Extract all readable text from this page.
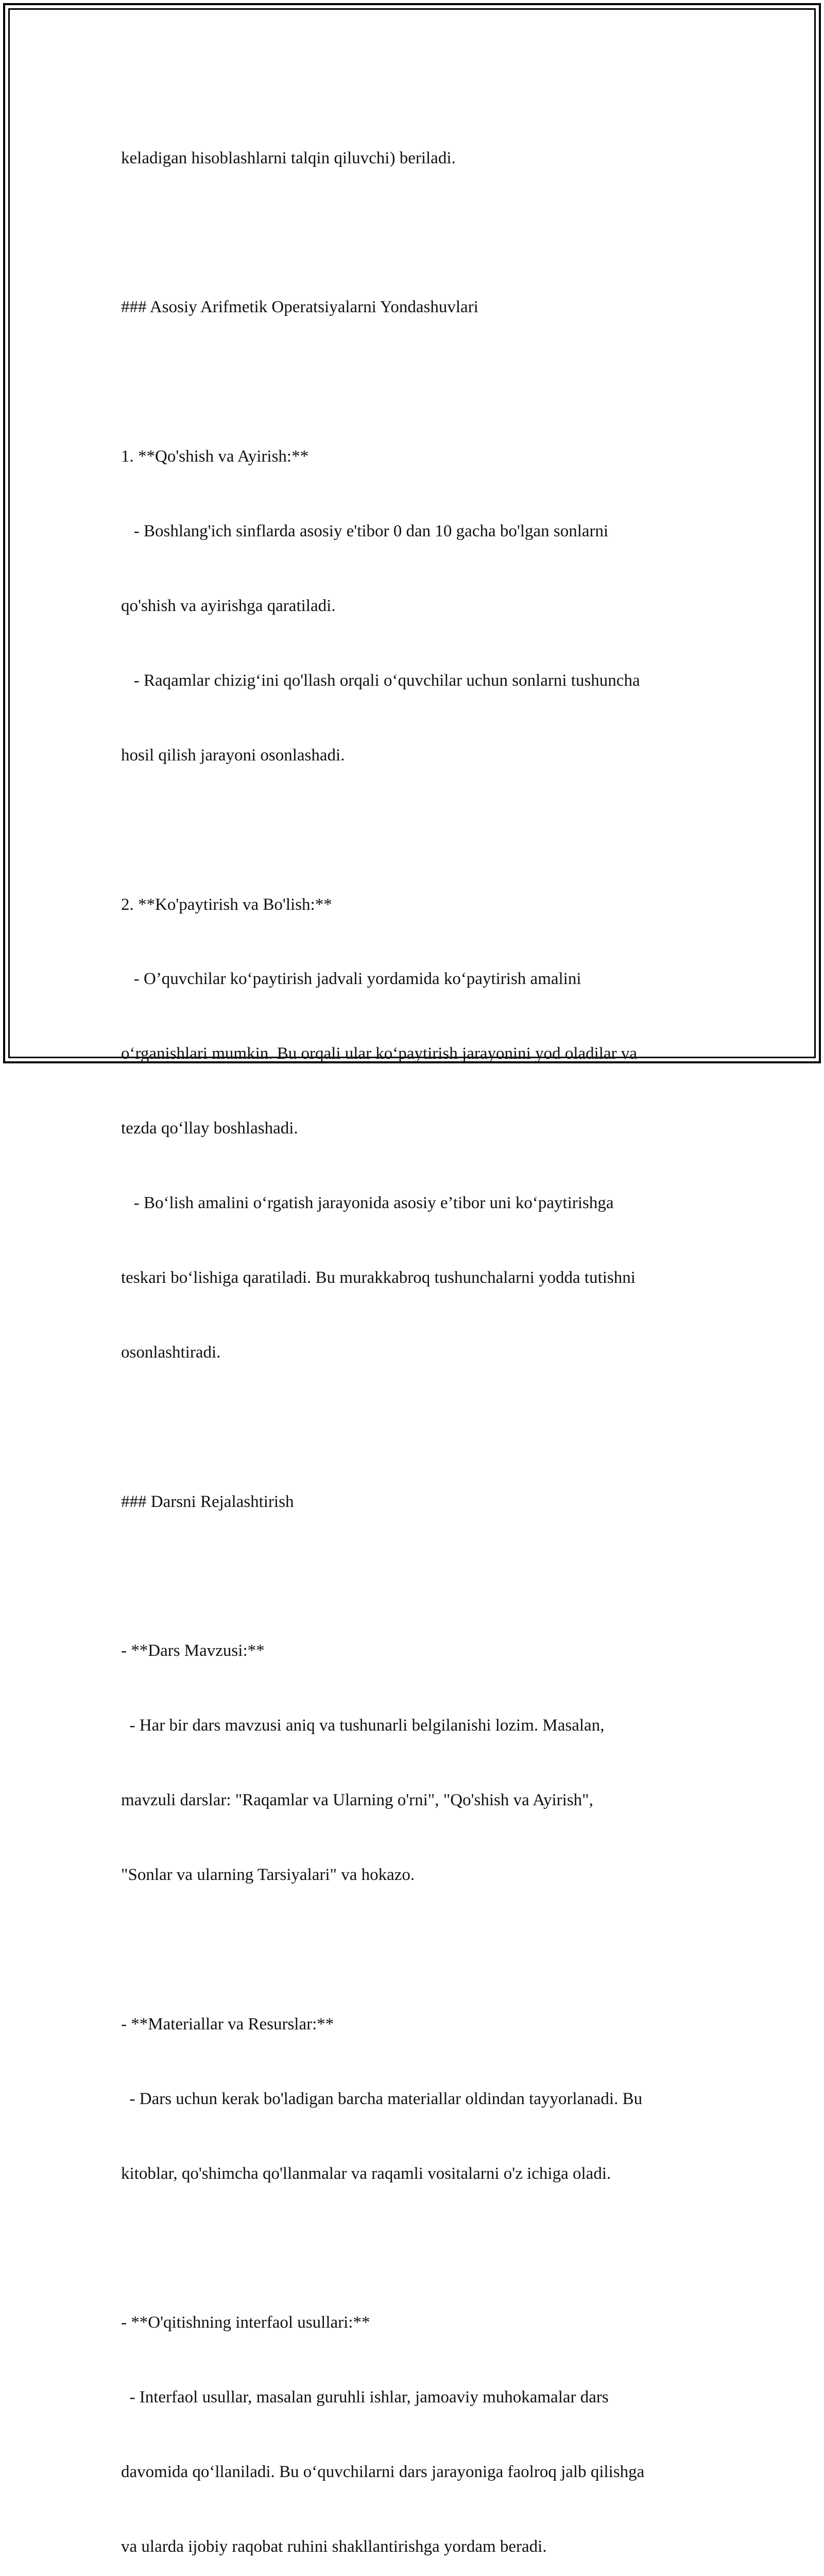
keladigan hisoblashlarni talqin qiluvchi) beriladi.

### Asosiy Arifmetik Operatsiyalarni Yondashuvlari

1. **Qo'shish va Ayirish:**

- Boshlang'ich sinflarda asosiy e'tibor 0 dan 10 gacha bo'lgan sonlarni

qo'shish va ayirishga qaratiladi.

- Raqamlar chizig‘ini qo'llash orqali o‘quvchilar uchun sonlarni tushuncha

hosil qilish jarayoni osonlashadi.

2. **Ko'paytirish va Bo'lish:**

- O’quvchilar ko‘paytirish jadvali yordamida ko‘paytirish amalini

o‘rganishlari mumkin. Bu orqali ular ko‘paytirish jarayonini yod oladilar va

tezda qo‘llay boshlashadi.

- Bo‘lish amalini o‘rgatish jarayonida asosiy e’tibor uni ko‘paytirishga

teskari bo‘lishiga qaratiladi. Bu murakkabroq tushunchalarni yodda tutishni

osonlashtiradi.

### Darsni Rejalashtirish

- **Dars Mavzusi:**

- Har bir dars mavzusi aniq va tushunarli belgilanishi lozim. Masalan,

mavzuli darslar: "Raqamlar va Ularning o'rni", "Qo'shish va Ayirish",

"Sonlar va ularning Tarsiyalari" va hokazo.

- **Materiallar va Resurslar:**

- Dars uchun kerak bo'ladigan barcha materiallar oldindan tayyorlanadi. Bu

kitoblar, qo'shimcha qo'llanmalar va raqamli vositalarni o'z ichiga oladi.

- **O'qitishning interfaol usullari:**

- Interfaol usullar, masalan guruhli ishlar, jamoaviy muhokamalar dars

davomida qo‘llaniladi. Bu o‘quvchilarni dars jarayoniga faolroq jalb qilishga

va ularda ijobiy raqobat ruhini shakllantirishga yordam beradi.
